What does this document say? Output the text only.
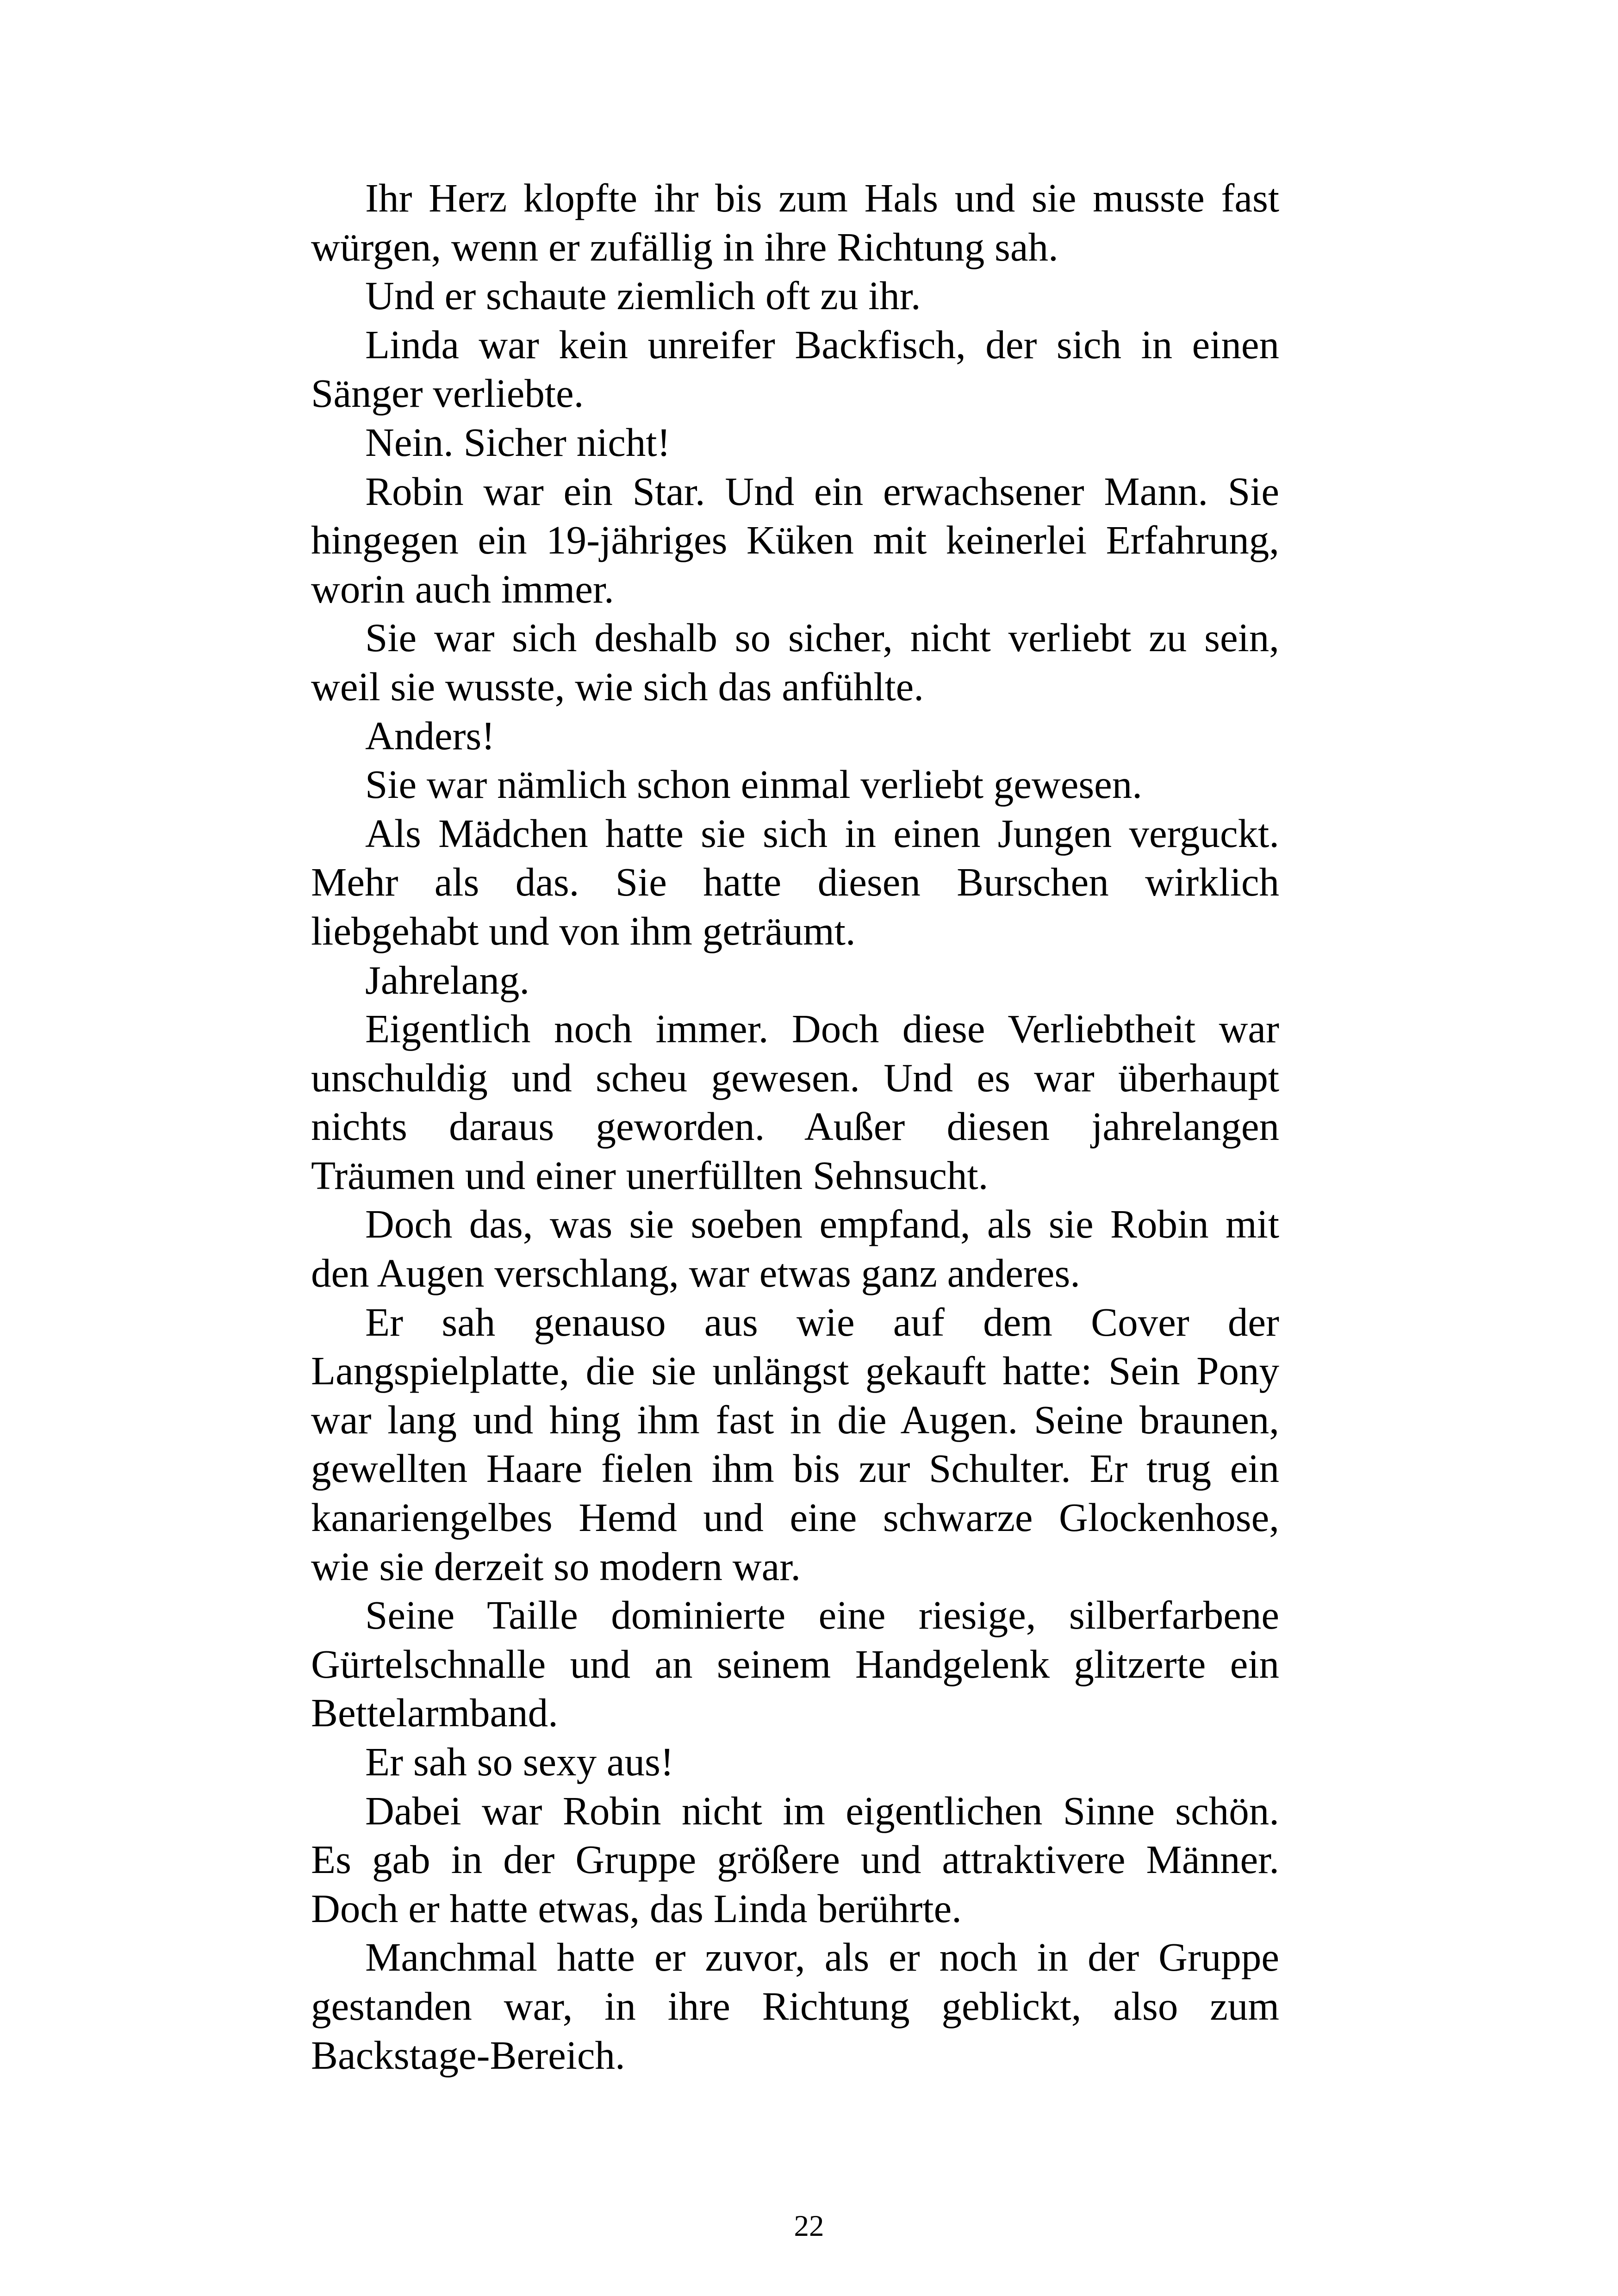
Ihr Herz klopfte ihr bis zum Hals und sie musste fast
würgen, wenn er zufällig in ihre Richtung sah.

Und er schaute ziemlich oft zu ihr.

Linda war kein unreifer Backfisch, der sich in einen
Sänger verliebte.

Nein. Sicher nicht!

Robin war ein Star. Und ein erwachsener Mann. Sie
hingegen ein 19-jähriges Küken mit keinerlei Erfahrung,
worin auch immer.

Sie war sich deshalb so sicher, nicht verliebt zu sein,
weil sie wusste, wie sich das anfühlte.

Anders!

Sie war nämlich schon einmal verliebt gewesen.

Als Mädchen hatte sie sich in einen Jungen verguckt.
Mehr als das. Sie hatte diesen Burschen wirklich
liebgehabt und von ihm geträumt.

Jahrelang.

Eigentlich noch immer. Doch diese Verliebtheit war
unschuldig und scheu gewesen. Und es war überhaupt
nichts daraus geworden. Außer diesen jahrelangen
Träumen und einer unerfüllten Sehnsucht.

Doch das, was sie soeben empfand, als sie Robin mit
den Augen verschlang, war etwas ganz anderes.

Er sah genauso aus wie auf dem Cover der
Langspielplatte, die sie unlängst gekauft hatte: Sein Pony
war lang und hing ihm fast in die Augen. Seine braunen,
gewellten Haare fielen ihm bis zur Schulter. Er trug ein
kanariengelbes Hemd und eine schwarze Glockenhose,
wie sie derzeit so modern war.

Seine Taille dominierte eine riesige, silberfarbene
Gürtelschnalle und an seinem Handgelenk glitzerte ein
Bettelarmband.

Er sah so sexy aus!

Dabei war Robin nicht im eigentlichen Sinne schön.
Es gab in der Gruppe größere und attraktivere Männer.
Doch er hatte etwas, das Linda berührte.

Manchmal hatte er zuvor, als er noch in der Gruppe
gestanden war, in ihre Richtung geblickt, also zum
Backstage-Bereich.

22
